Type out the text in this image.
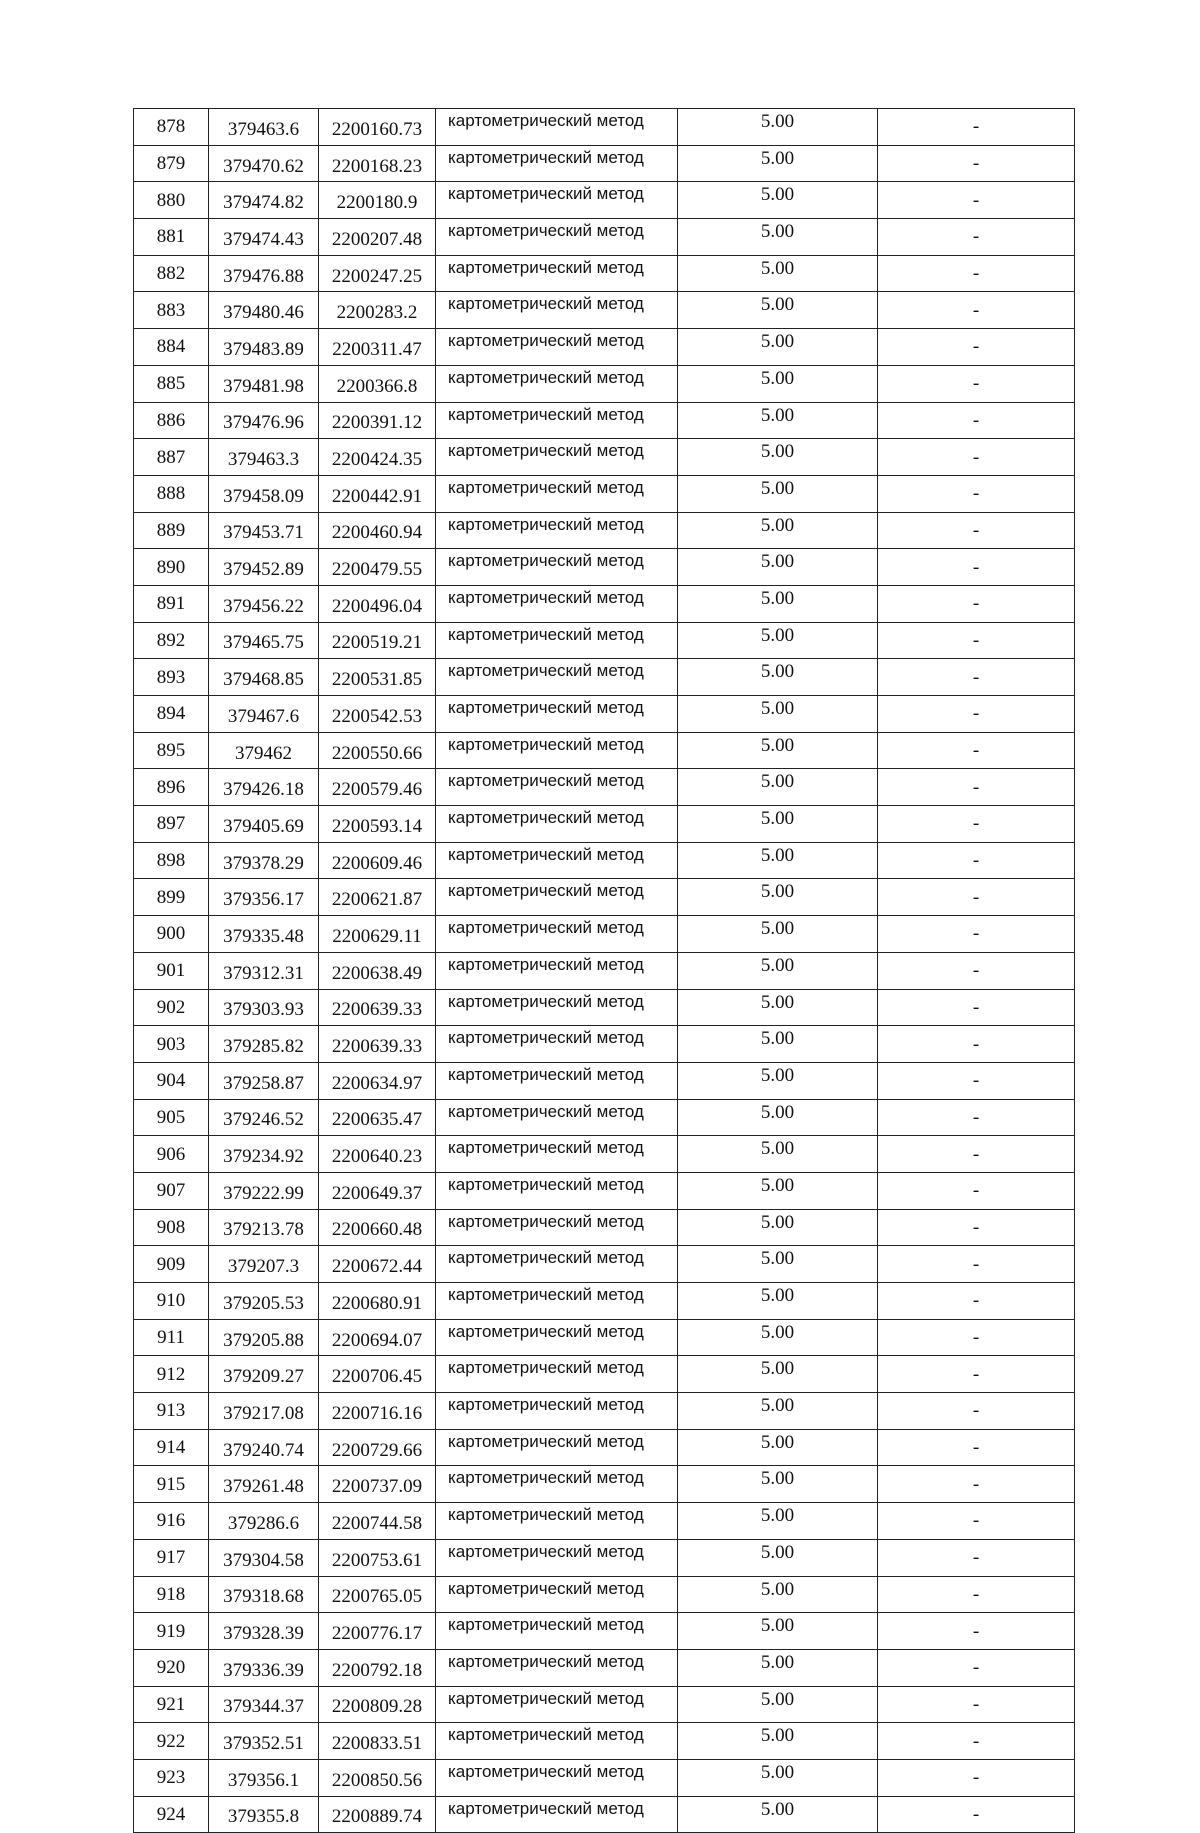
878	379463.6	2200160.73	картометрический метод	5.00	-
879	379470.62	2200168.23	картометрический метод	5.00	-
880	379474.82	2200180.9	картометрический метод	5.00	-
881	379474.43	2200207.48	картометрический метод	5.00	-
882	379476.88	2200247.25	картометрический метод	5.00	-
883	379480.46	2200283.2	картометрический метод	5.00	-
884	379483.89	2200311.47	картометрический метод	5.00	-
885	379481.98	2200366.8	картометрический метод	5.00	-
886	379476.96	2200391.12	картометрический метод	5.00	-
887	379463.3	2200424.35	картометрический метод	5.00	-
888	379458.09	2200442.91	картометрический метод	5.00	-
889	379453.71	2200460.94	картометрический метод	5.00	-
890	379452.89	2200479.55	картометрический метод	5.00	-
891	379456.22	2200496.04	картометрический метод	5.00	-
892	379465.75	2200519.21	картометрический метод	5.00	-
893	379468.85	2200531.85	картометрический метод	5.00	-
894	379467.6	2200542.53	картометрический метод	5.00	-
895	379462	2200550.66	картометрический метод	5.00	-
896	379426.18	2200579.46	картометрический метод	5.00	-
897	379405.69	2200593.14	картометрический метод	5.00	-
898	379378.29	2200609.46	картометрический метод	5.00	-
899	379356.17	2200621.87	картометрический метод	5.00	-
900	379335.48	2200629.11	картометрический метод	5.00	-
901	379312.31	2200638.49	картометрический метод	5.00	-
902	379303.93	2200639.33	картометрический метод	5.00	-
903	379285.82	2200639.33	картометрический метод	5.00	-
904	379258.87	2200634.97	картометрический метод	5.00	-
905	379246.52	2200635.47	картометрический метод	5.00	-
906	379234.92	2200640.23	картометрический метод	5.00	-
907	379222.99	2200649.37	картометрический метод	5.00	-
908	379213.78	2200660.48	картометрический метод	5.00	-
909	379207.3	2200672.44	картометрический метод	5.00	-
910	379205.53	2200680.91	картометрический метод	5.00	-
911	379205.88	2200694.07	картометрический метод	5.00	-
912	379209.27	2200706.45	картометрический метод	5.00	-
913	379217.08	2200716.16	картометрический метод	5.00	-
914	379240.74	2200729.66	картометрический метод	5.00	-
915	379261.48	2200737.09	картометрический метод	5.00	-
916	379286.6	2200744.58	картометрический метод	5.00	-
917	379304.58	2200753.61	картометрический метод	5.00	-
918	379318.68	2200765.05	картометрический метод	5.00	-
919	379328.39	2200776.17	картометрический метод	5.00	-
920	379336.39	2200792.18	картометрический метод	5.00	-
921	379344.37	2200809.28	картометрический метод	5.00	-
922	379352.51	2200833.51	картометрический метод	5.00	-
923	379356.1	2200850.56	картометрический метод	5.00	-
924	379355.8	2200889.74	картометрический метод	5.00	-
